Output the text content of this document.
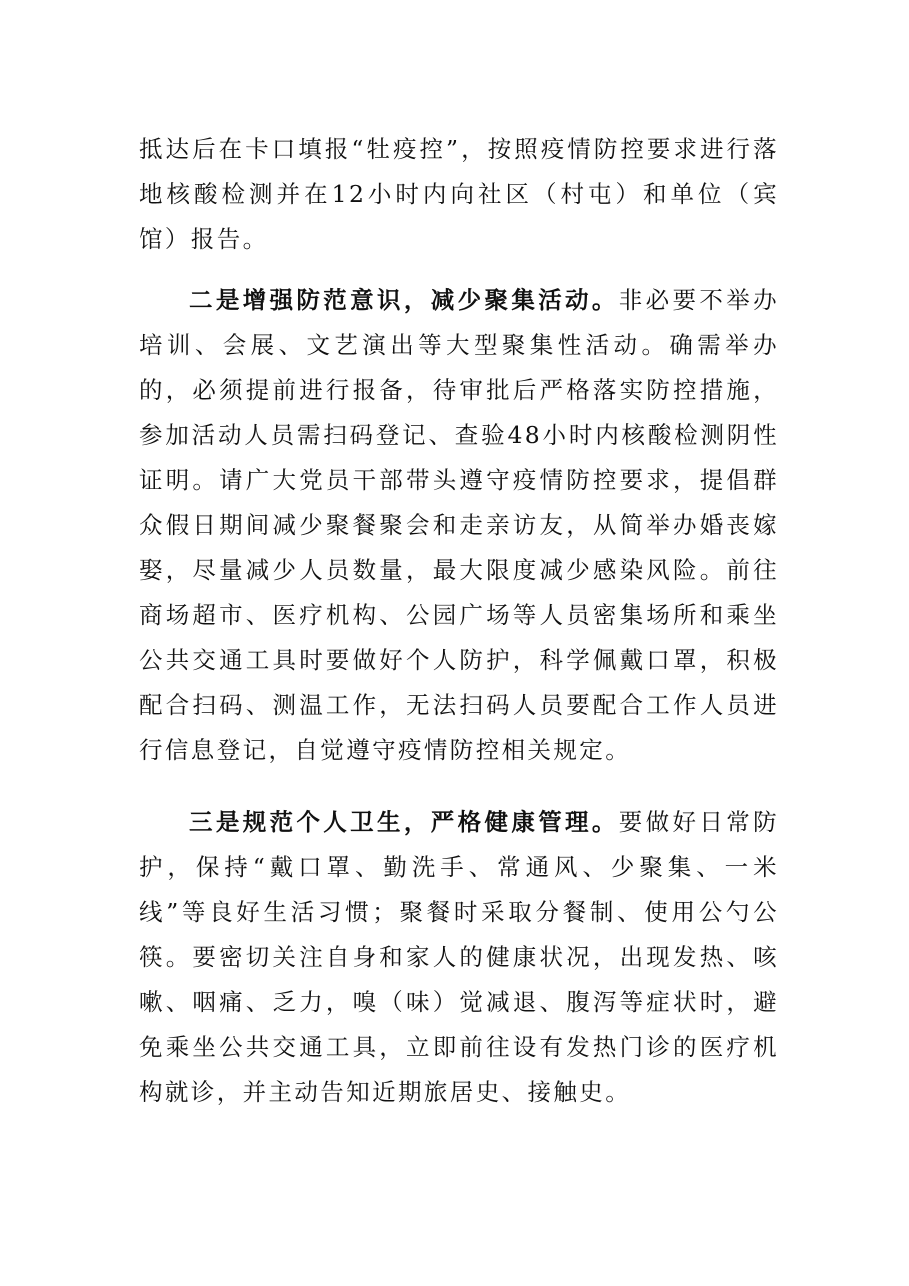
抵达后在卡口填报“牡疫控”，按照疫情防控要求进行落地核酸检测并在12小时内向社区（村屯）和单位（宾馆）报告。

二是增强防范意识，减少聚集活动。非必要不举办培训、会展、文艺演出等大型聚集性活动。确需举办的，必须提前进行报备，待审批后严格落实防控措施，参加活动人员需扫码登记、查验48小时内核酸检测阴性证明。请广大党员干部带头遵守疫情防控要求，提倡群众假日期间减少聚餐聚会和走亲访友，从简举办婚丧嫁娶，尽量减少人员数量，最大限度减少感染风险。前往商场超市、医疗机构、公园广场等人员密集场所和乘坐公共交通工具时要做好个人防护，科学佩戴口罩，积极配合扫码、测温工作，无法扫码人员要配合工作人员进行信息登记，自觉遵守疫情防控相关规定。

三是规范个人卫生，严格健康管理。要做好日常防护，保持“戴口罩、勤洗手、常通风、少聚集、一米线”等良好生活习惯；聚餐时采取分餐制、使用公勺公筷。要密切关注自身和家人的健康状况，出现发热、咳嗽、咽痛、乏力，嗅（味）觉减退、腹泻等症状时，避免乘坐公共交通工具，立即前往设有发热门诊的医疗机构就诊，并主动告知近期旅居史、接触史。
